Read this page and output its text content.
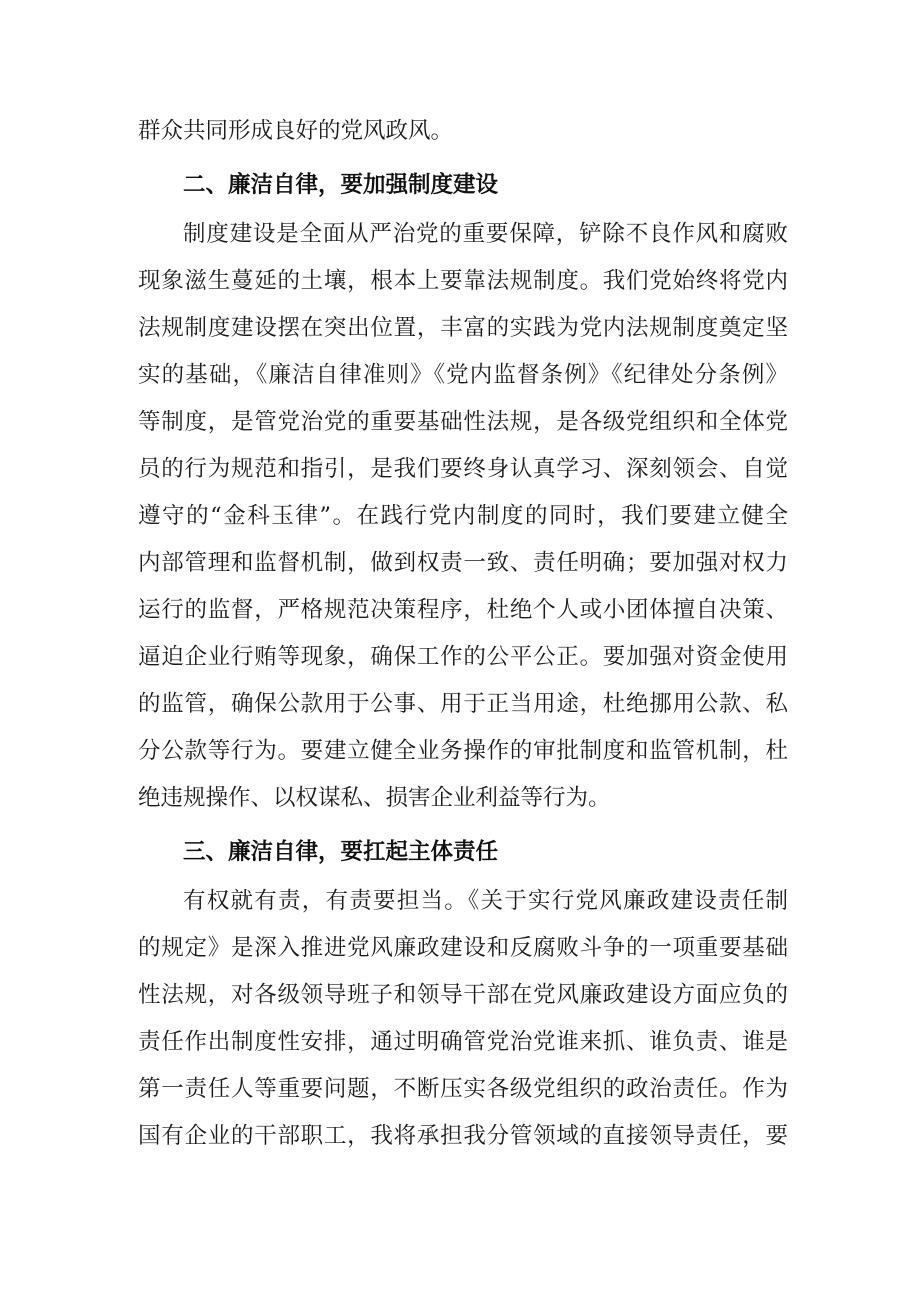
群众共同形成良好的党风政风。
二、廉洁自律，要加强制度建设
制度建设是全面从严治党的重要保障，铲除不良作风和腐败
现象滋生蔓延的土壤，根本上要靠法规制度。我们党始终将党内
法规制度建设摆在突出位置，丰富的实践为党内法规制度奠定坚
实的基础，《廉洁自律准则》《党内监督条例》《纪律处分条例》
等制度，是管党治党的重要基础性法规，是各级党组织和全体党
员的行为规范和指引，是我们要终身认真学习、深刻领会、自觉
遵守的“金科玉律”。在践行党内制度的同时，我们要建立健全
内部管理和监督机制，做到权责一致、责任明确；要加强对权力
运行的监督，严格规范决策程序，杜绝个人或小团体擅自决策、
逼迫企业行贿等现象，确保工作的公平公正。要加强对资金使用
的监管，确保公款用于公事、用于正当用途，杜绝挪用公款、私
分公款等行为。要建立健全业务操作的审批制度和监管机制，杜
绝违规操作、以权谋私、损害企业利益等行为。
三、廉洁自律，要扛起主体责任
有权就有责，有责要担当。《关于实行党风廉政建设责任制
的规定》是深入推进党风廉政建设和反腐败斗争的一项重要基础
性法规，对各级领导班子和领导干部在党风廉政建设方面应负的
责任作出制度性安排，通过明确管党治党谁来抓、谁负责、谁是
第一责任人等重要问题，不断压实各级党组织的政治责任。作为
国有企业的干部职工，我将承担我分管领域的直接领导责任，要
